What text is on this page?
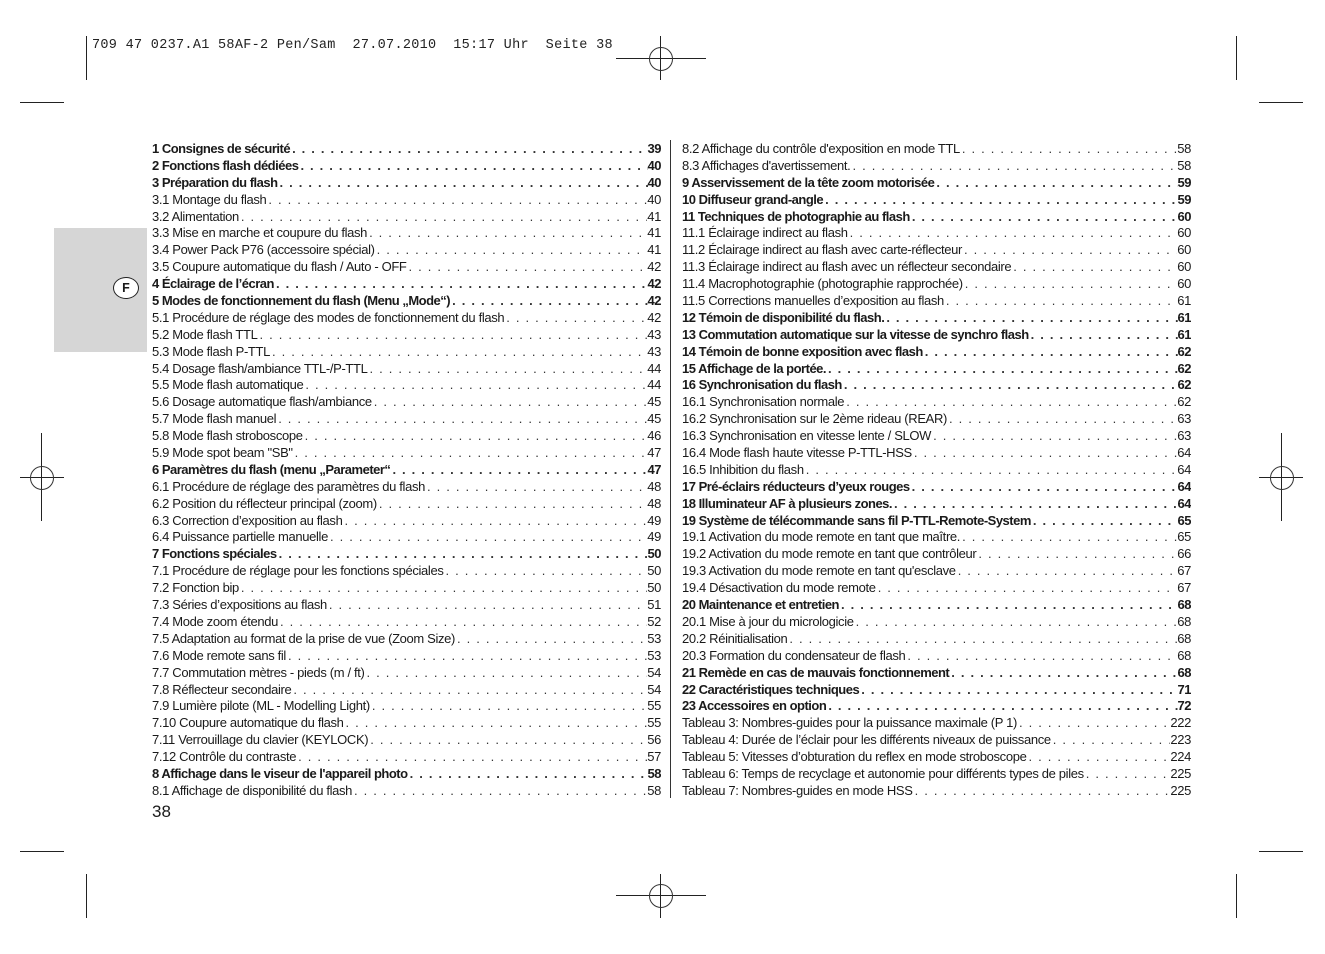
709 47 0237.A1 58AF-2 Pen/Sam  27.07.2010  15:17 Uhr  Seite 38
F
1 Consignes de sécurité . . .	39
2 Fonctions flash dédiées . . .	40
3 Préparation du flash . . .	40
3.1 Montage du flash . . .	40
3.2 Alimentation . . .	41
3.3 Mise en marche et coupure du flash . . .	41
3.4 Power Pack P76 (accessoire spécial) . . .	41
3.5 Coupure automatique du flash / Auto - OFF . . .	42
4 Éclairage de l’écran . . .	42
5 Modes de fonctionnement du flash (Menu „Mode“) . . .	42
5.1 Procédure de réglage des modes de fonctionnement du flash . . .	42
5.2 Mode flash TTL . . .	43
5.3 Mode flash P-TTL . . .	43
5.4 Dosage flash/ambiance TTL-/P-TTL . . .	44
5.5 Mode flash automatique . . .	44
5.6 Dosage automatique flash/ambiance . . .	45
5.7 Mode flash manuel . . .	45
5.8 Mode flash stroboscope . . .	46
5.9 Mode spot beam "SB" . . .	47
6 Paramètres du flash (menu „Parameter“ . . .	47
6.1 Procédure de réglage des paramètres du flash . . .	48
6.2 Position du réflecteur principal (zoom) . . .	48
6.3 Correction d’exposition au flash . . .	49
6.4 Puissance partielle manuelle . . .	49
7 Fonctions spéciales . . .	50
7.1 Procédure de réglage pour les fonctions spéciales . . .	50
7.2 Fonction bip . . .	50
7.3 Séries d’expositions au flash . . .	51
7.4 Mode zoom étendu . . .	52
7.5 Adaptation au format de la prise de vue (Zoom Size) . . .	53
7.6 Mode remote sans fil . . .	53
7.7 Commutation mètres - pieds (m / ft) . . .	54
7.8 Réflecteur secondaire . . .	54
7.9 Lumière pilote (ML - Modelling Light) . . .	55
7.10 Coupure automatique du flash . . .	55
7.11 Verrouillage du clavier (KEYLOCK) . . .	56
7.12 Contrôle du contraste . . .	57
8 Affichage dans le viseur de l'appareil photo . . .	58
8.1 Affichage de disponibilité du flash . . .	58
8.2 Affichage du contrôle d'exposition en mode TTL . . .	58
8.3 Affichages d'avertissement. . . .	58
9 Asservissement de la tête zoom motorisée . . .	59
10 Diffuseur grand-angle . . .	59
11 Techniques de photographie au flash . . .	60
11.1 Éclairage indirect au flash . . .	60
11.2 Éclairage indirect au flash avec carte-réflecteur . . .	60
11.3 Éclairage indirect au flash avec un réflecteur secondaire . . .	60
11.4 Macrophotographie (photographie rapprochée) . . .	60
11.5 Corrections manuelles d’exposition au flash . . .	61
12 Témoin de disponibilité du flash. . . .	61
13 Commutation automatique sur la vitesse de synchro flash . . .	61
14 Témoin de bonne exposition avec flash . . .	62
15 Affichage de la portée. . . .	62
16 Synchronisation du flash . . .	62
16.1 Synchronisation normale . . .	62
16.2 Synchronisation sur le 2ème rideau (REAR) . . .	63
16.3 Synchronisation en vitesse lente / SLOW . . .	63
16.4 Mode flash haute vitesse P-TTL-HSS . . .	64
16.5 Inhibition du flash . . .	64
17 Pré-éclairs réducteurs d’yeux rouges . . .	64
18 Illuminateur AF à plusieurs zones. . . .	64
19 Système de télécommande sans fil P-TTL-Remote-System . . .	65
19.1 Activation du mode remote en tant que maître. . . .	65
19.2 Activation du mode remote en tant que contrôleur . . .	66
19.3 Activation du mode remote en tant qu'esclave . . .	67
19.4 Désactivation du mode remote . . .	67
20 Maintenance et entretien . . .	68
20.1 Mise à jour du micrologicie . . .	68
20.2 Réinitialisation . . .	68
20.3 Formation du condensateur de flash . . .	68
21 Remède en cas de mauvais fonctionnement . . .	68
22 Caractéristiques techniques . . .	71
23 Accessoires en option . . .	72
Tableau 3: Nombres-guides pour la puissance maximale (P 1) . . .	222
Tableau 4: Durée de l’éclair pour les différents niveaux de puissance . . .	223
Tableau 5: Vitesses d’obturation du reflex en mode stroboscope . . .	224
Tableau 6: Temps de recyclage et autonomie pour différents types de piles . . .	225
Tableau 7: Nombres-guides en mode HSS . . .	225
38
